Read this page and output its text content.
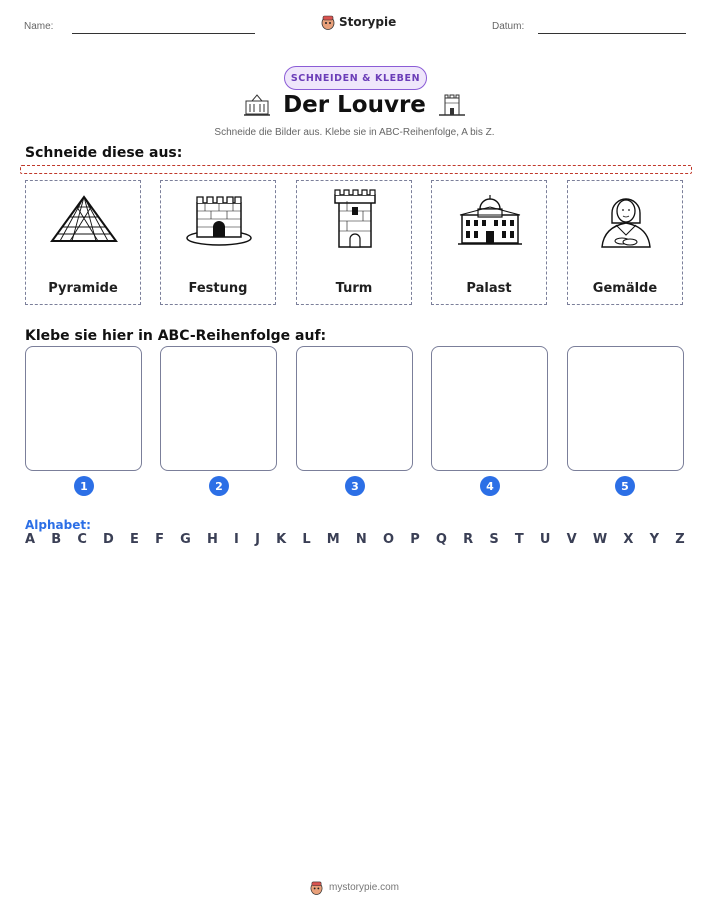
Name:	Storypie	Datum:
SCHNEIDEN & KLEBEN
Der Louvre
Schneide die Bilder aus. Klebe sie in ABC-Reihenfolge, A bis Z.
Schneide diese aus:
Pyramide	Festung	Turm	Palast	Gemälde
Klebe sie hier in ABC-Reihenfolge auf:
1	2	3	4	5
Alphabet:
A B C D E F G H I J K L M N O P Q R S T U V W X Y Z
mystorypie.com
